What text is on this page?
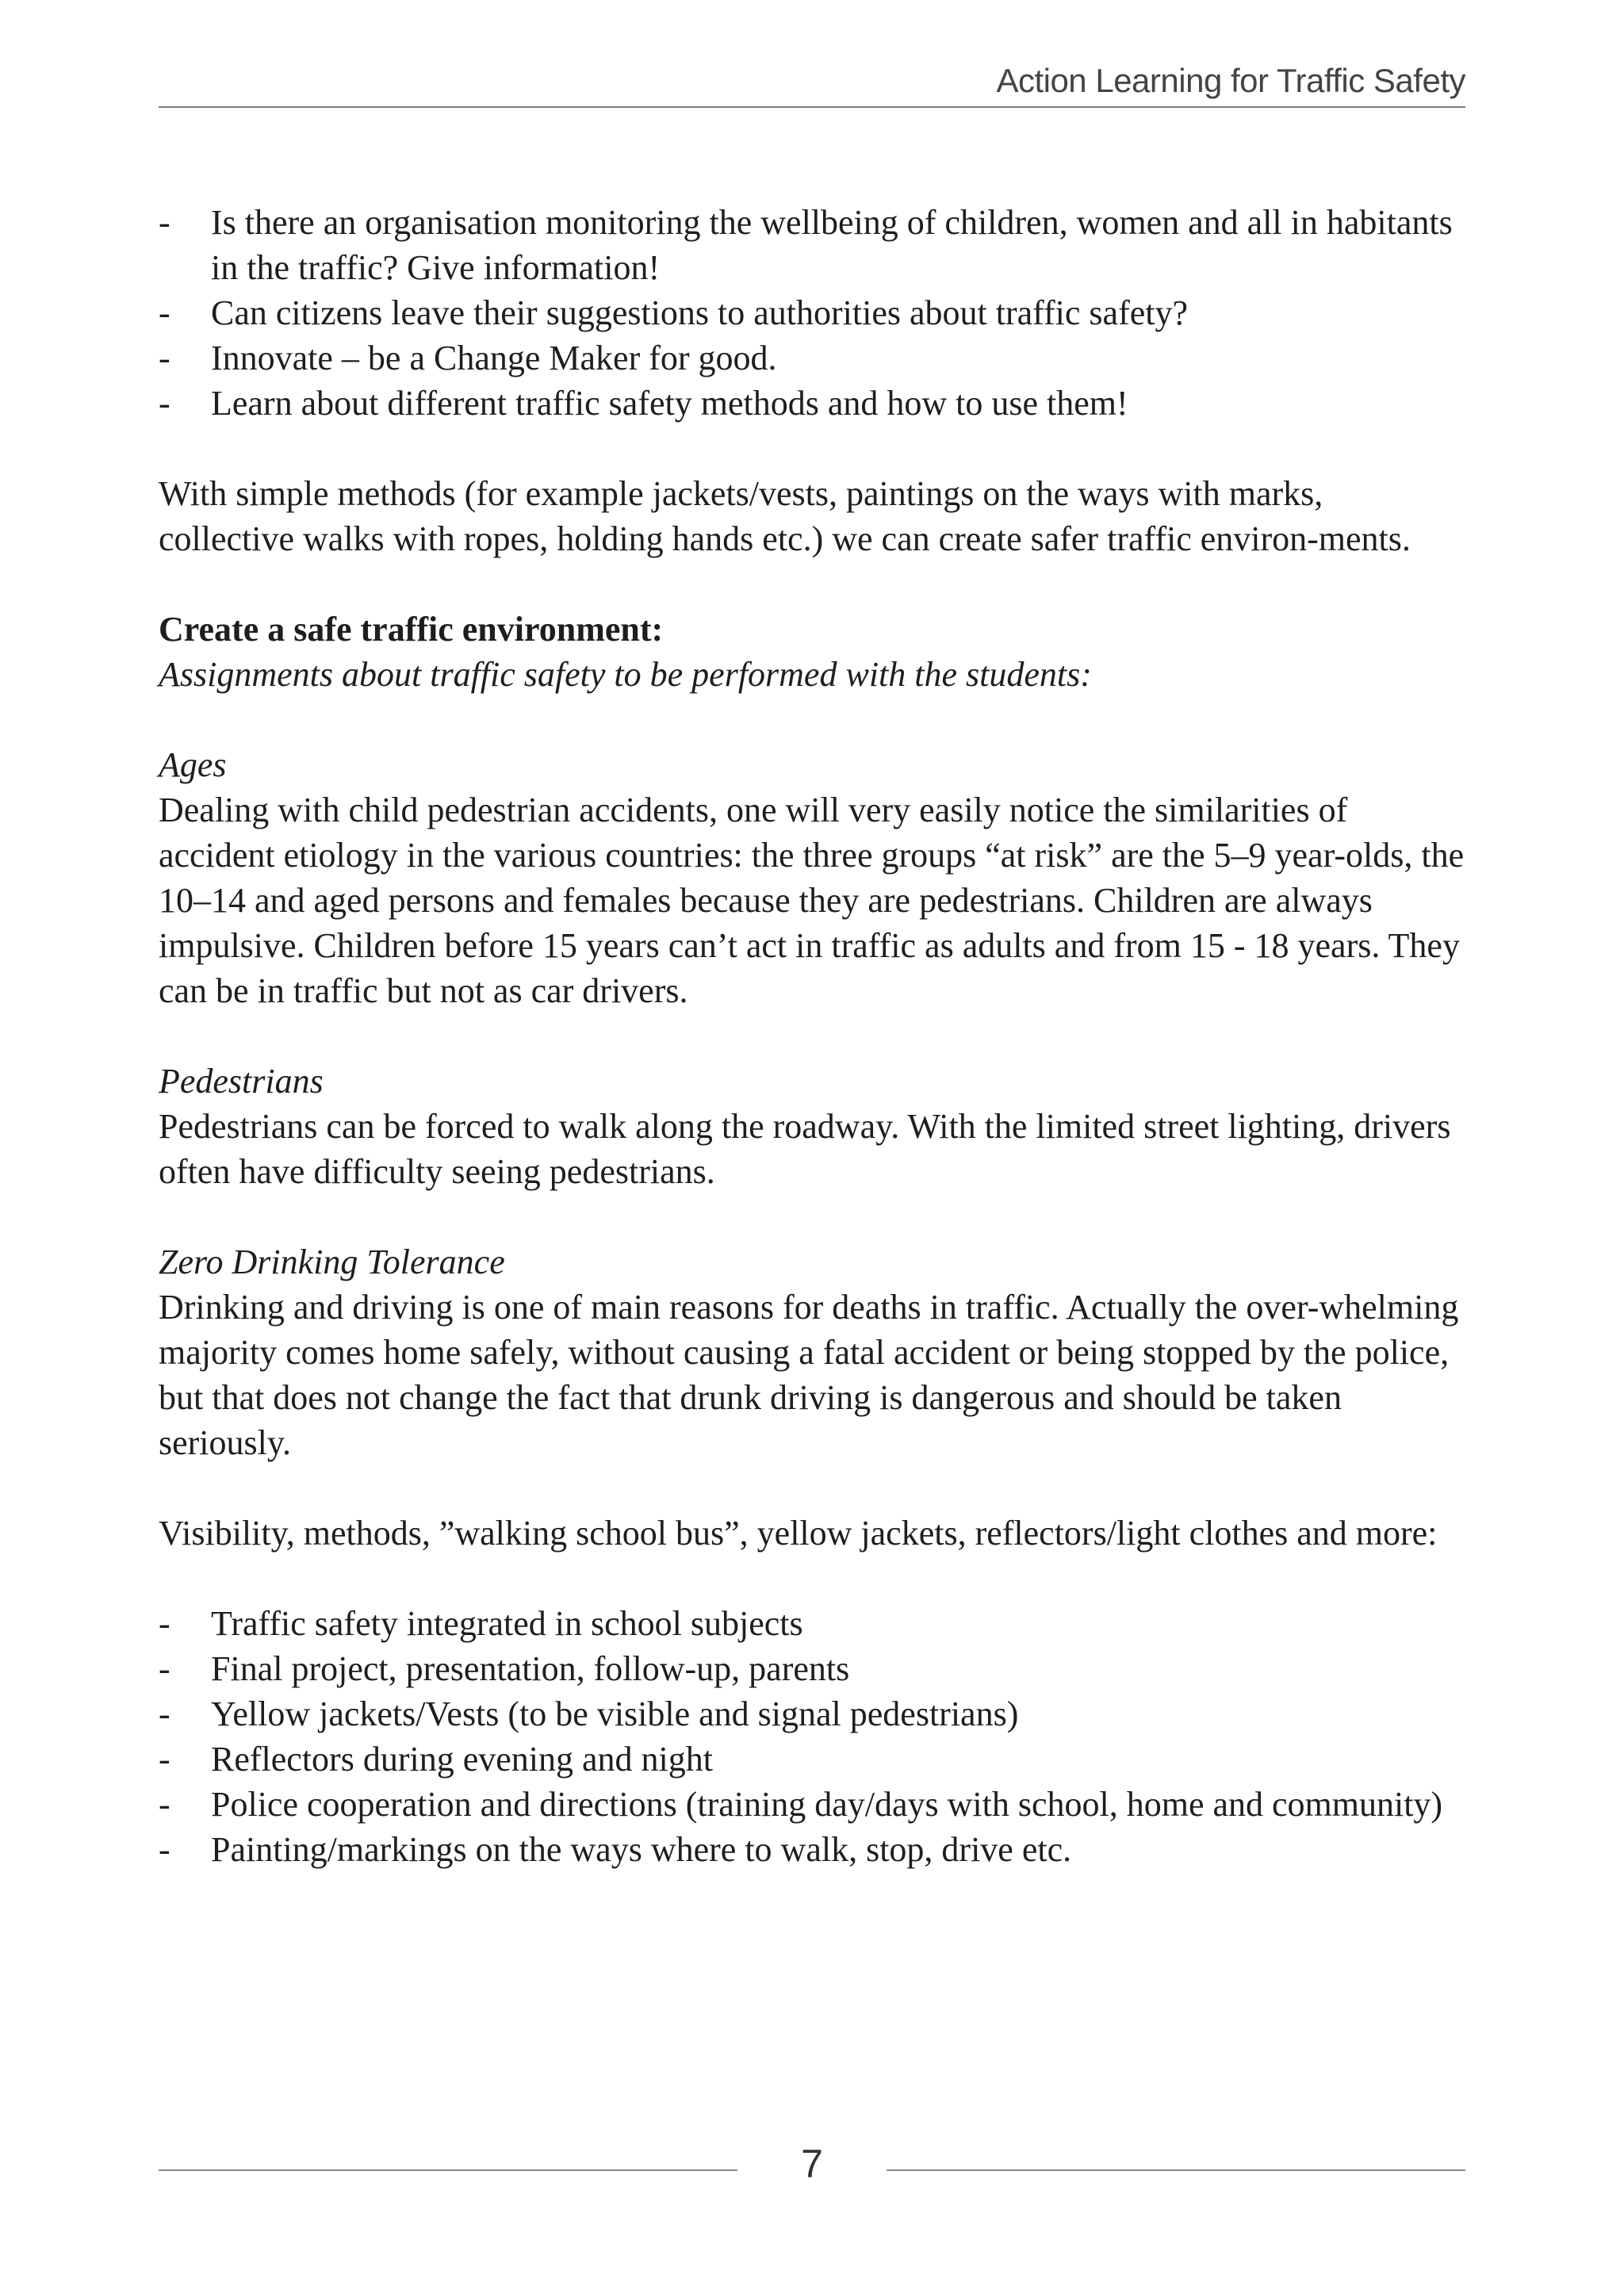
Action Learning for Traffic Safety
- Is there an organisation monitoring the wellbeing of children, women and all in habitants in the traffic? Give information!
- Can citizens leave their suggestions to authorities about traffic safety?
- Innovate – be a Change Maker for good.
- Learn about different traffic safety methods and how to use them!

With simple methods (for example jackets/vests, paintings on the ways with marks, collective walks with ropes, holding hands etc.) we can create safer traffic environ-ments.

Create a safe traffic environment:

Assignments about traffic safety to be performed with the students:

Ages

Dealing with child pedestrian accidents, one will very easily notice the similarities of accident etiology in the various countries: the three groups “at risk” are the 5–9 year-olds, the 10–14 and aged persons and females because they are pedestrians. Children are always impulsive. Children before 15 years can’t act in traffic as adults and from 15 - 18 years. They can be in traffic but not as car drivers.

Pedestrians

Pedestrians can be forced to walk along the roadway. With the limited street lighting, drivers often have difficulty seeing pedestrians.

Zero Drinking Tolerance

Drinking and driving is one of main reasons for deaths in traffic. Actually the over-whelming majority comes home safely, without causing a fatal accident or being stopped by the police, but that does not change the fact that drunk driving is dangerous and should be taken seriously.

Visibility, methods, ”walking school bus”, yellow jackets, reflectors/light clothes and more:

- Traffic safety integrated in school subjects
- Final project, presentation, follow-up, parents
- Yellow jackets/Vests (to be visible and signal pedestrians)
- Reflectors during evening and night
- Police cooperation and directions (training day/days with school, home and community)
- Painting/markings on the ways where to walk, stop, drive etc.
7
